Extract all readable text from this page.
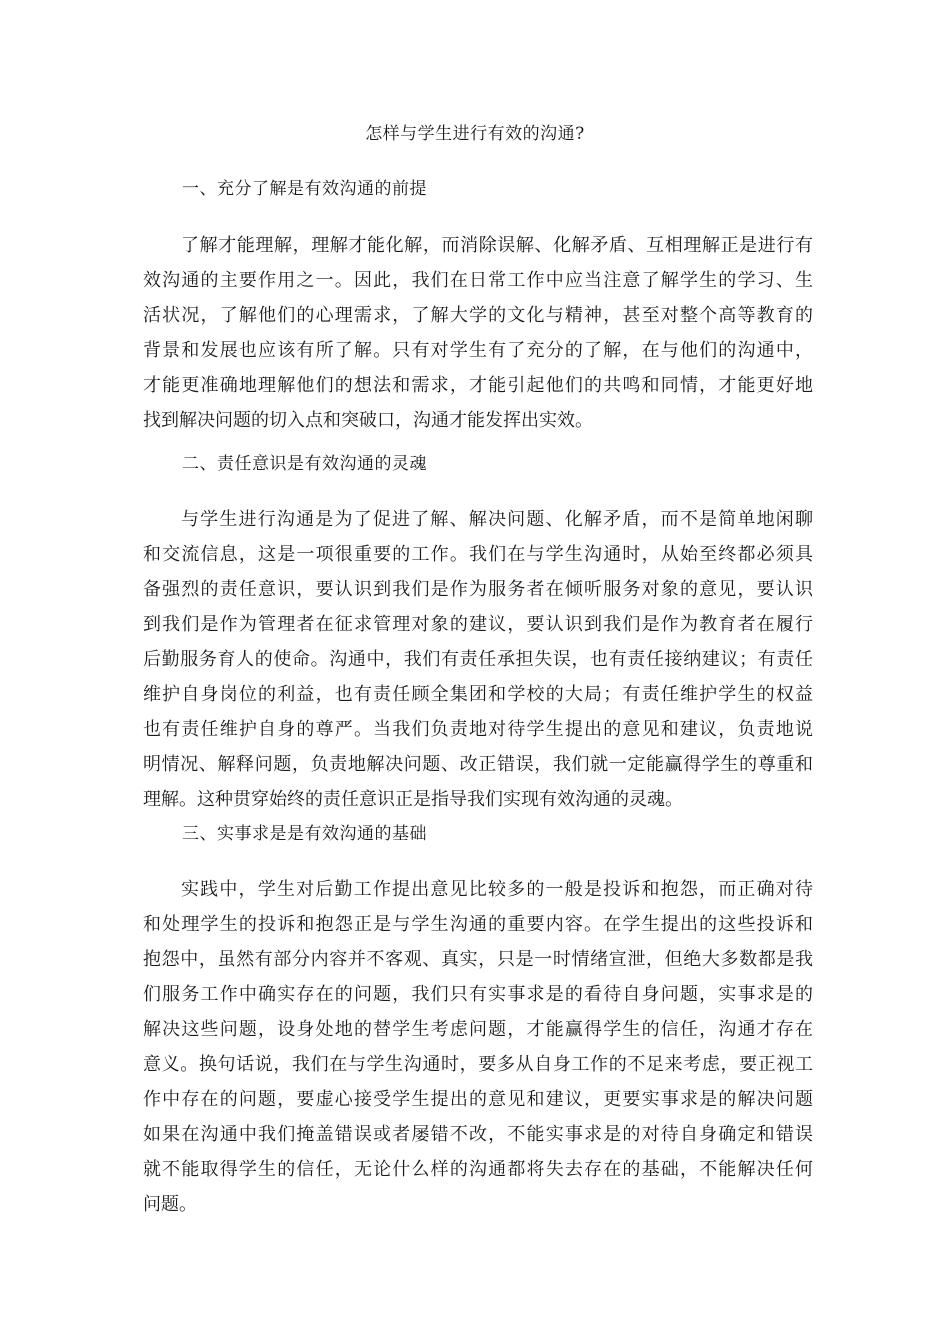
怎样与学生进行有效的沟通?
一、充分了解是有效沟通的前提
了解才能理解，理解才能化解，而消除误解、化解矛盾、互相理解正是进行有
效沟通的主要作用之一。因此，我们在日常工作中应当注意了解学生的学习、生
活状况，了解他们的心理需求，了解大学的文化与精神，甚至对整个高等教育的
背景和发展也应该有所了解。只有对学生有了充分的了解，在与他们的沟通中，
才能更准确地理解他们的想法和需求，才能引起他们的共鸣和同情，才能更好地
找到解决问题的切入点和突破口，沟通才能发挥出实效。
二、责任意识是有效沟通的灵魂
与学生进行沟通是为了促进了解、解决问题、化解矛盾，而不是简单地闲聊
和交流信息，这是一项很重要的工作。我们在与学生沟通时，从始至终都必须具
备强烈的责任意识，要认识到我们是作为服务者在倾听服务对象的意见，要认识
到我们是作为管理者在征求管理对象的建议，要认识到我们是作为教育者在履行
后勤服务育人的使命。沟通中，我们有责任承担失误，也有责任接纳建议；有责任
维护自身岗位的利益，也有责任顾全集团和学校的大局；有责任维护学生的权益
也有责任维护自身的尊严。当我们负责地对待学生提出的意见和建议，负责地说
明情况、解释问题，负责地解决问题、改正错误，我们就一定能赢得学生的尊重和
理解。这种贯穿始终的责任意识正是指导我们实现有效沟通的灵魂。
三、实事求是是有效沟通的基础
实践中，学生对后勤工作提出意见比较多的一般是投诉和抱怨，而正确对待
和处理学生的投诉和抱怨正是与学生沟通的重要内容。在学生提出的这些投诉和
抱怨中，虽然有部分内容并不客观、真实，只是一时情绪宣泄，但绝大多数都是我
们服务工作中确实存在的问题，我们只有实事求是的看待自身问题，实事求是的
解决这些问题，设身处地的替学生考虑问题，才能赢得学生的信任，沟通才存在
意义。换句话说，我们在与学生沟通时，要多从自身工作的不足来考虑，要正视工
作中存在的问题，要虚心接受学生提出的意见和建议，更要实事求是的解决问题
如果在沟通中我们掩盖错误或者屡错不改，不能实事求是的对待自身确定和错误
就不能取得学生的信任，无论什么样的沟通都将失去存在的基础，不能解决任何
问题。
